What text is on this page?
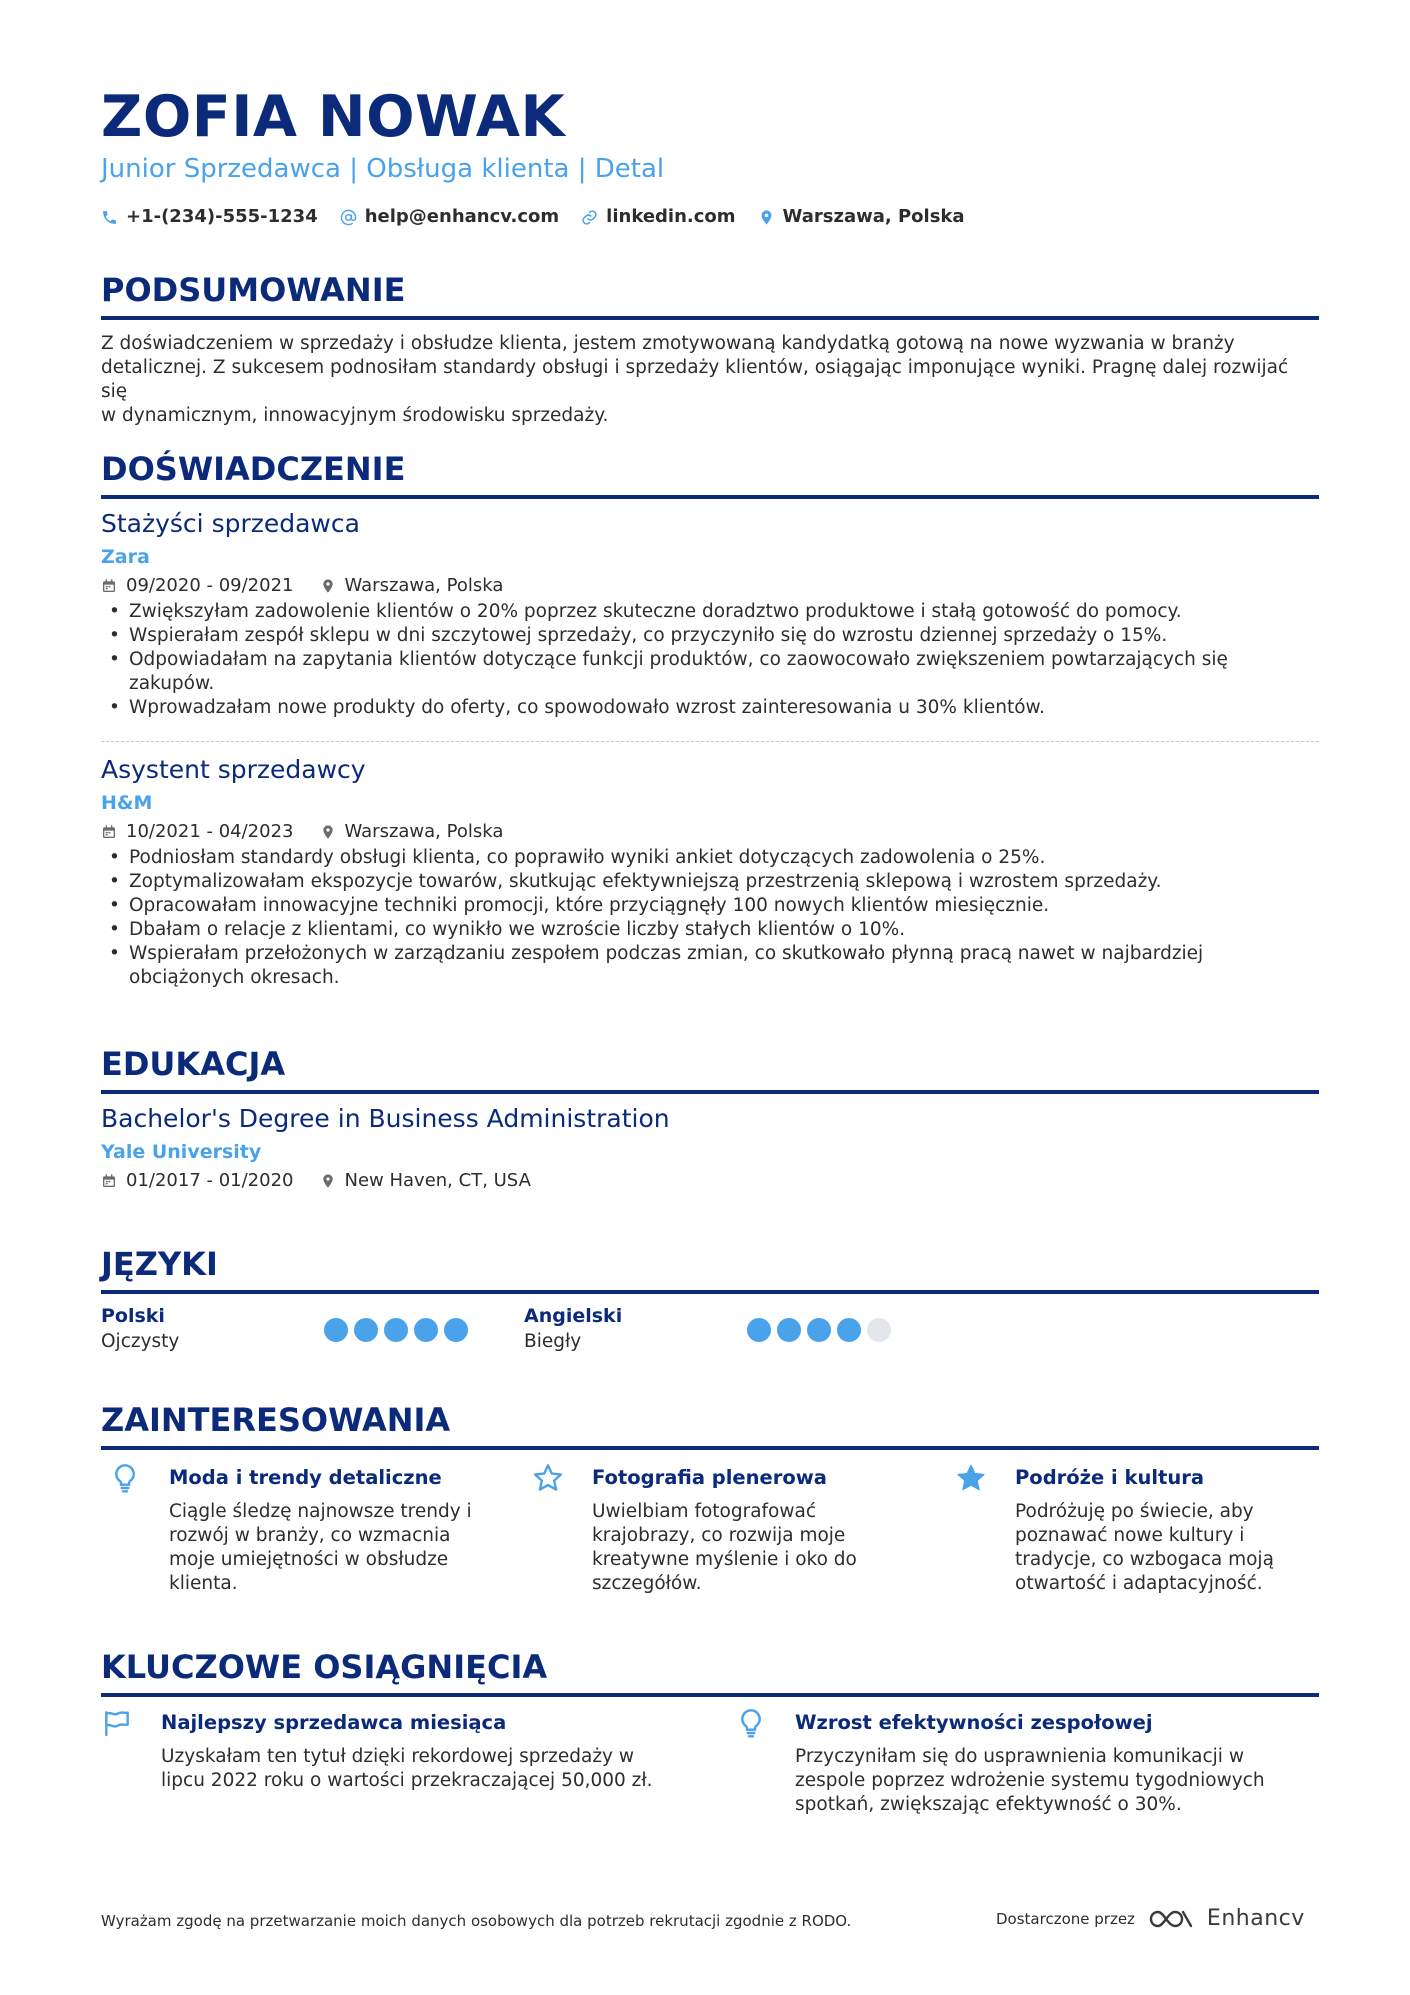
ZOFIA NOWAK
Junior Sprzedawca | Obsługa klienta | Detal
+1-(234)-555-1234	help@enhancv.com	linkedin.com	Warszawa, Polska
PODSUMOWANIE
Z doświadczeniem w sprzedaży i obsłudze klienta, jestem zmotywowaną kandydatką gotową na nowe wyzwania w branży
detalicznej. Z sukcesem podnosiłam standardy obsługi i sprzedaży klientów, osiągając imponujące wyniki. Pragnę dalej rozwijać się
w dynamicznym, innowacyjnym środowisku sprzedaży.
DOŚWIADCZENIE
Stażyści sprzedawca
Zara
09/2020 - 09/2021	Warszawa, Polska
• Zwiększyłam zadowolenie klientów o 20% poprzez skuteczne doradztwo produktowe i stałą gotowość do pomocy.
• Wspierałam zespół sklepu w dni szczytowej sprzedaży, co przyczyniło się do wzrostu dziennej sprzedaży o 15%.
• Odpowiadałam na zapytania klientów dotyczące funkcji produktów, co zaowocowało zwiększeniem powtarzających się zakupów.
• Wprowadzałam nowe produkty do oferty, co spowodowało wzrost zainteresowania u 30% klientów.
Asystent sprzedawcy
H&M
10/2021 - 04/2023	Warszawa, Polska
• Podniosłam standardy obsługi klienta, co poprawiło wyniki ankiet dotyczących zadowolenia o 25%.
• Zoptymalizowałam ekspozycje towarów, skutkując efektywniejszą przestrzenią sklepową i wzrostem sprzedaży.
• Opracowałam innowacyjne techniki promocji, które przyciągnęły 100 nowych klientów miesięcznie.
• Dbałam o relacje z klientami, co wynikło we wzroście liczby stałych klientów o 10%.
• Wspierałam przełożonych w zarządzaniu zespołem podczas zmian, co skutkowało płynną pracą nawet w najbardziej obciążonych okresach.
EDUKACJA
Bachelor's Degree in Business Administration
Yale University
01/2017 - 01/2020	New Haven, CT, USA
JĘZYKI
Polski
Ojczysty
Angielski
Biegły
ZAINTERESOWANIA
Moda i trendy detaliczne
Ciągle śledzę najnowsze trendy i
rozwój w branży, co wzmacnia
moje umiejętności w obsłudze
klienta.
Fotografia plenerowa
Uwielbiam fotografować
krajobrazy, co rozwija moje
kreatywne myślenie i oko do
szczegółów.
Podróże i kultura
Podróżuję po świecie, aby
poznawać nowe kultury i
tradycje, co wzbogaca moją
otwartość i adaptacyjność.
KLUCZOWE OSIĄGNIĘCIA
Najlepszy sprzedawca miesiąca
Uzyskałam ten tytuł dzięki rekordowej sprzedaży w
lipcu 2022 roku o wartości przekraczającej 50,000 zł.
Wzrost efektywności zespołowej
Przyczyniłam się do usprawnienia komunikacji w
zespole poprzez wdrożenie systemu tygodniowych
spotkań, zwiększając efektywność o 30%.
Wyrażam zgodę na przetwarzanie moich danych osobowych dla potrzeb rekrutacji zgodnie z RODO.	Dostarczone przez	Enhancv
